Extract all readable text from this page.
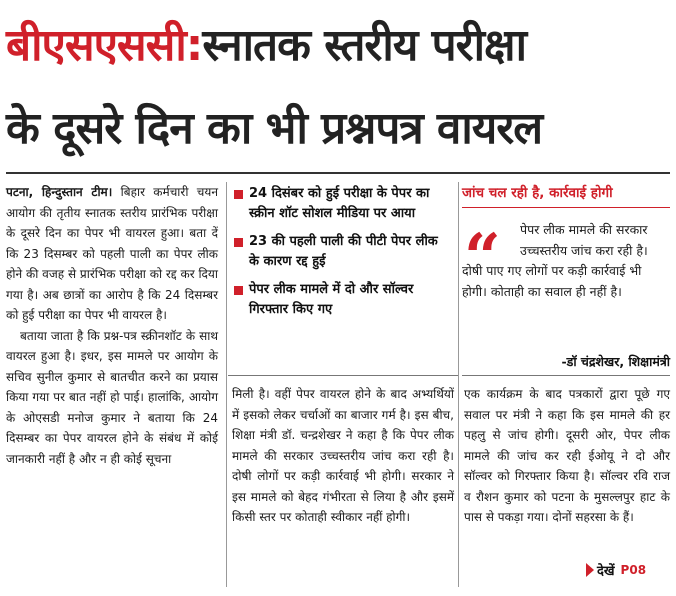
बीएसएससी: स्नातक स्तरीय परीक्षा
के दूसरे दिन का भी प्रश्नपत्र वायरल

पटना, हिन्दुस्तान टीम। बिहार कर्मचारी चयन आयोग की तृतीय स्नातक स्तरीय प्रारंभिक परीक्षा के दूसरे दिन का पेपर भी वायरल हुआ। बता दें कि 23 दिसम्बर को पहली पाली का पेपर लीक होने की वजह से प्रारंभिक परीक्षा को रद्द कर दिया गया है। अब छात्रों का आरोप है कि 24 दिसम्बर को हुई परीक्षा का पेपर भी वायरल है।

बताया जाता है कि प्रश्न-पत्र स्क्रीनशॉट के साथ वायरल हुआ है। इधर, इस मामले पर आयोग के सचिव सुनील कुमार से बातचीत करने का प्रयास किया गया पर बात नहीं हो पाई। हालांकि, आयोग के ओएसडी मनोज कुमार ने बताया कि 24 दिसम्बर का पेपर वायरल होने के संबंध में कोई जानकारी नहीं है और न ही कोई सूचना

24 दिसंबर को हुई परीक्षा के पेपर का स्क्रीन शॉट सोशल मीडिया पर आया
23 की पहली पाली की पीटी पेपर लीक के कारण रद्द हुई
पेपर लीक मामले में दो और सॉल्वर गिरफ्तार किए गए
जांच चल रही है, कार्रवाई होगी
“	पेपर लीक मामले की सरकार उच्चस्तरीय जांच करा रही है।
दोषी पाए गए लोगों पर कड़ी कार्रवाई भी होगी। कोताही का सवाल ही नहीं है।
-डॉ चंद्रशेखर, शिक्षामंत्री

मिली है। वहीं पेपर वायरल होने के बाद अभ्यर्थियों में इसको लेकर चर्चाओं का बाजार गर्म है। इस बीच, शिक्षा मंत्री डॉ. चन्द्रशेखर ने कहा है कि पेपर लीक मामले की सरकार उच्चस्तरीय जांच करा रही है। दोषी लोगों पर कड़ी कार्रवाई भी होगी। सरकार ने इस मामले को बेहद गंभीरता से लिया है और इसमें किसी स्तर पर कोताही स्वीकार नहीं होगी।

एक कार्यक्रम के बाद पत्रकारों द्वारा पूछे गए सवाल पर मंत्री ने कहा कि इस मामले की हर पहलु से जांच होगी। दूसरी ओर, पेपर लीक मामले की जांच कर रही ईओयू ने दो और सॉल्वर को गिरफ्तार किया है। सॉल्वर रवि राज व रौशन कुमार को पटना के मुसल्लपुर हाट के पास से पकड़ा गया। दोनों सहरसा के हैं।

देखें P08
